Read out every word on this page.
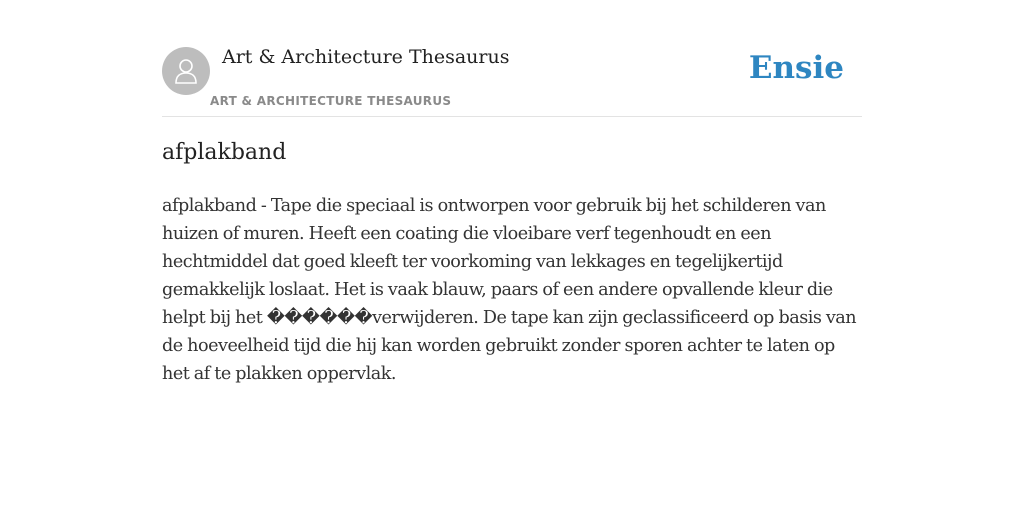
Art & Architecture Thesaurus
ART & ARCHITECTURE THESAURUS
Ensie
afplakband

afplakband - Tape die speciaal is ontworpen voor gebruik bij het schilderen van huizen of muren. Heeft een coating die vloeibare verf tegenhoudt en een hechtmiddel dat goed kleeft ter voorkoming van lekkages en tegelijkertijd gemakkelijk loslaat. Het is vaak blauw, paars of een andere opvallende kleur die helpt bij het ������verwijderen. De tape kan zijn geclassificeerd op basis van de hoeveelheid tijd die hij kan worden gebruikt zonder sporen achter te laten op het af te plakken oppervlak.
